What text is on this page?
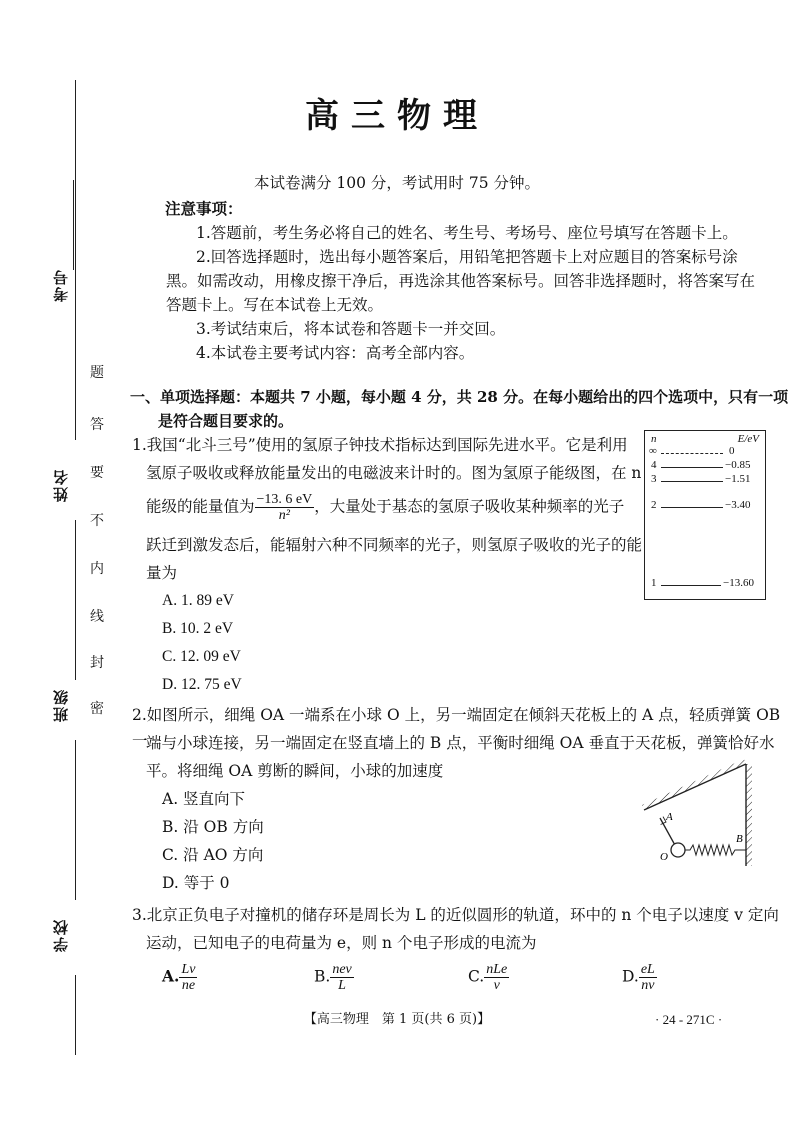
考号
姓名
班级
学校
题
答
要
不
内
线
封
密
高三物理
本试卷满分 100 分，考试用时 75 分钟。
注意事项：
1.答题前，考生务必将自己的姓名、考生号、考场号、座位号填写在答题卡上。
2.回答选择题时，选出每小题答案后，用铅笔把答题卡上对应题目的答案标号涂
黑。如需改动，用橡皮擦干净后，再选涂其他答案标号。回答非选择题时，将答案写在
答题卡上。写在本试卷上无效。
3.考试结束后，将本试卷和答题卡一并交回。
4.本试卷主要考试内容：高考全部内容。
一、单项选择题：本题共 7 小题，每小题 4 分，共 28 分。在每小题给出的四个选项中，只有一项
是符合题目要求的。
1.我国“北斗三号”使用的氢原子钟技术指标达到国际先进水平。它是利用
氢原子吸收或释放能量发出的电磁波来计时的。图为氢原子能级图，在 n
能级的能量值为 $\frac{-13. 6 eV}{\text{n²}}$ ，大量处于基态的氢原子吸收某种频率的光子
跃迁到激发态后，能辐射六种不同频率的光子，则氢原子吸收的光子的能
量为
A. 1. 89 eV
B. 10. 2 eV
C. 12. 09 eV
D. 12. 75 eV
n	E/eV
∞	0
4	−0.85
3	−1.51
2	−3.40
1	−13.60
2.如图所示，细绳 OA 一端系在小球 O 上，另一端固定在倾斜天花板上的 A 点，轻质弹簧 OB 一
端与小球连接，另一端固定在竖直墙上的 B 点，平衡时细绳 OA 垂直于天花板，弹簧恰好水
平。将细绳 OA 剪断的瞬间，小球的加速度
A. 竖直向下
B. 沿 OB 方向
C. 沿 AO 方向
D. 等于 0
A
B
O
3.北京正负电子对撞机的储存环是周长为 L 的近似圆形的轨道，环中的 n 个电子以速度 v 定向
运动，已知电子的电荷量为 e，则 n 个电子形成的电流为
A. $\frac{Lv}{ne}$	B. $\frac{\text{nev}}{L}$	C. $\frac{\text{nLe}}{v}$	D. $\frac{eL}{nv}$
【高三物理　第 1 页(共 6 页)】	· 24 - 271C ·
